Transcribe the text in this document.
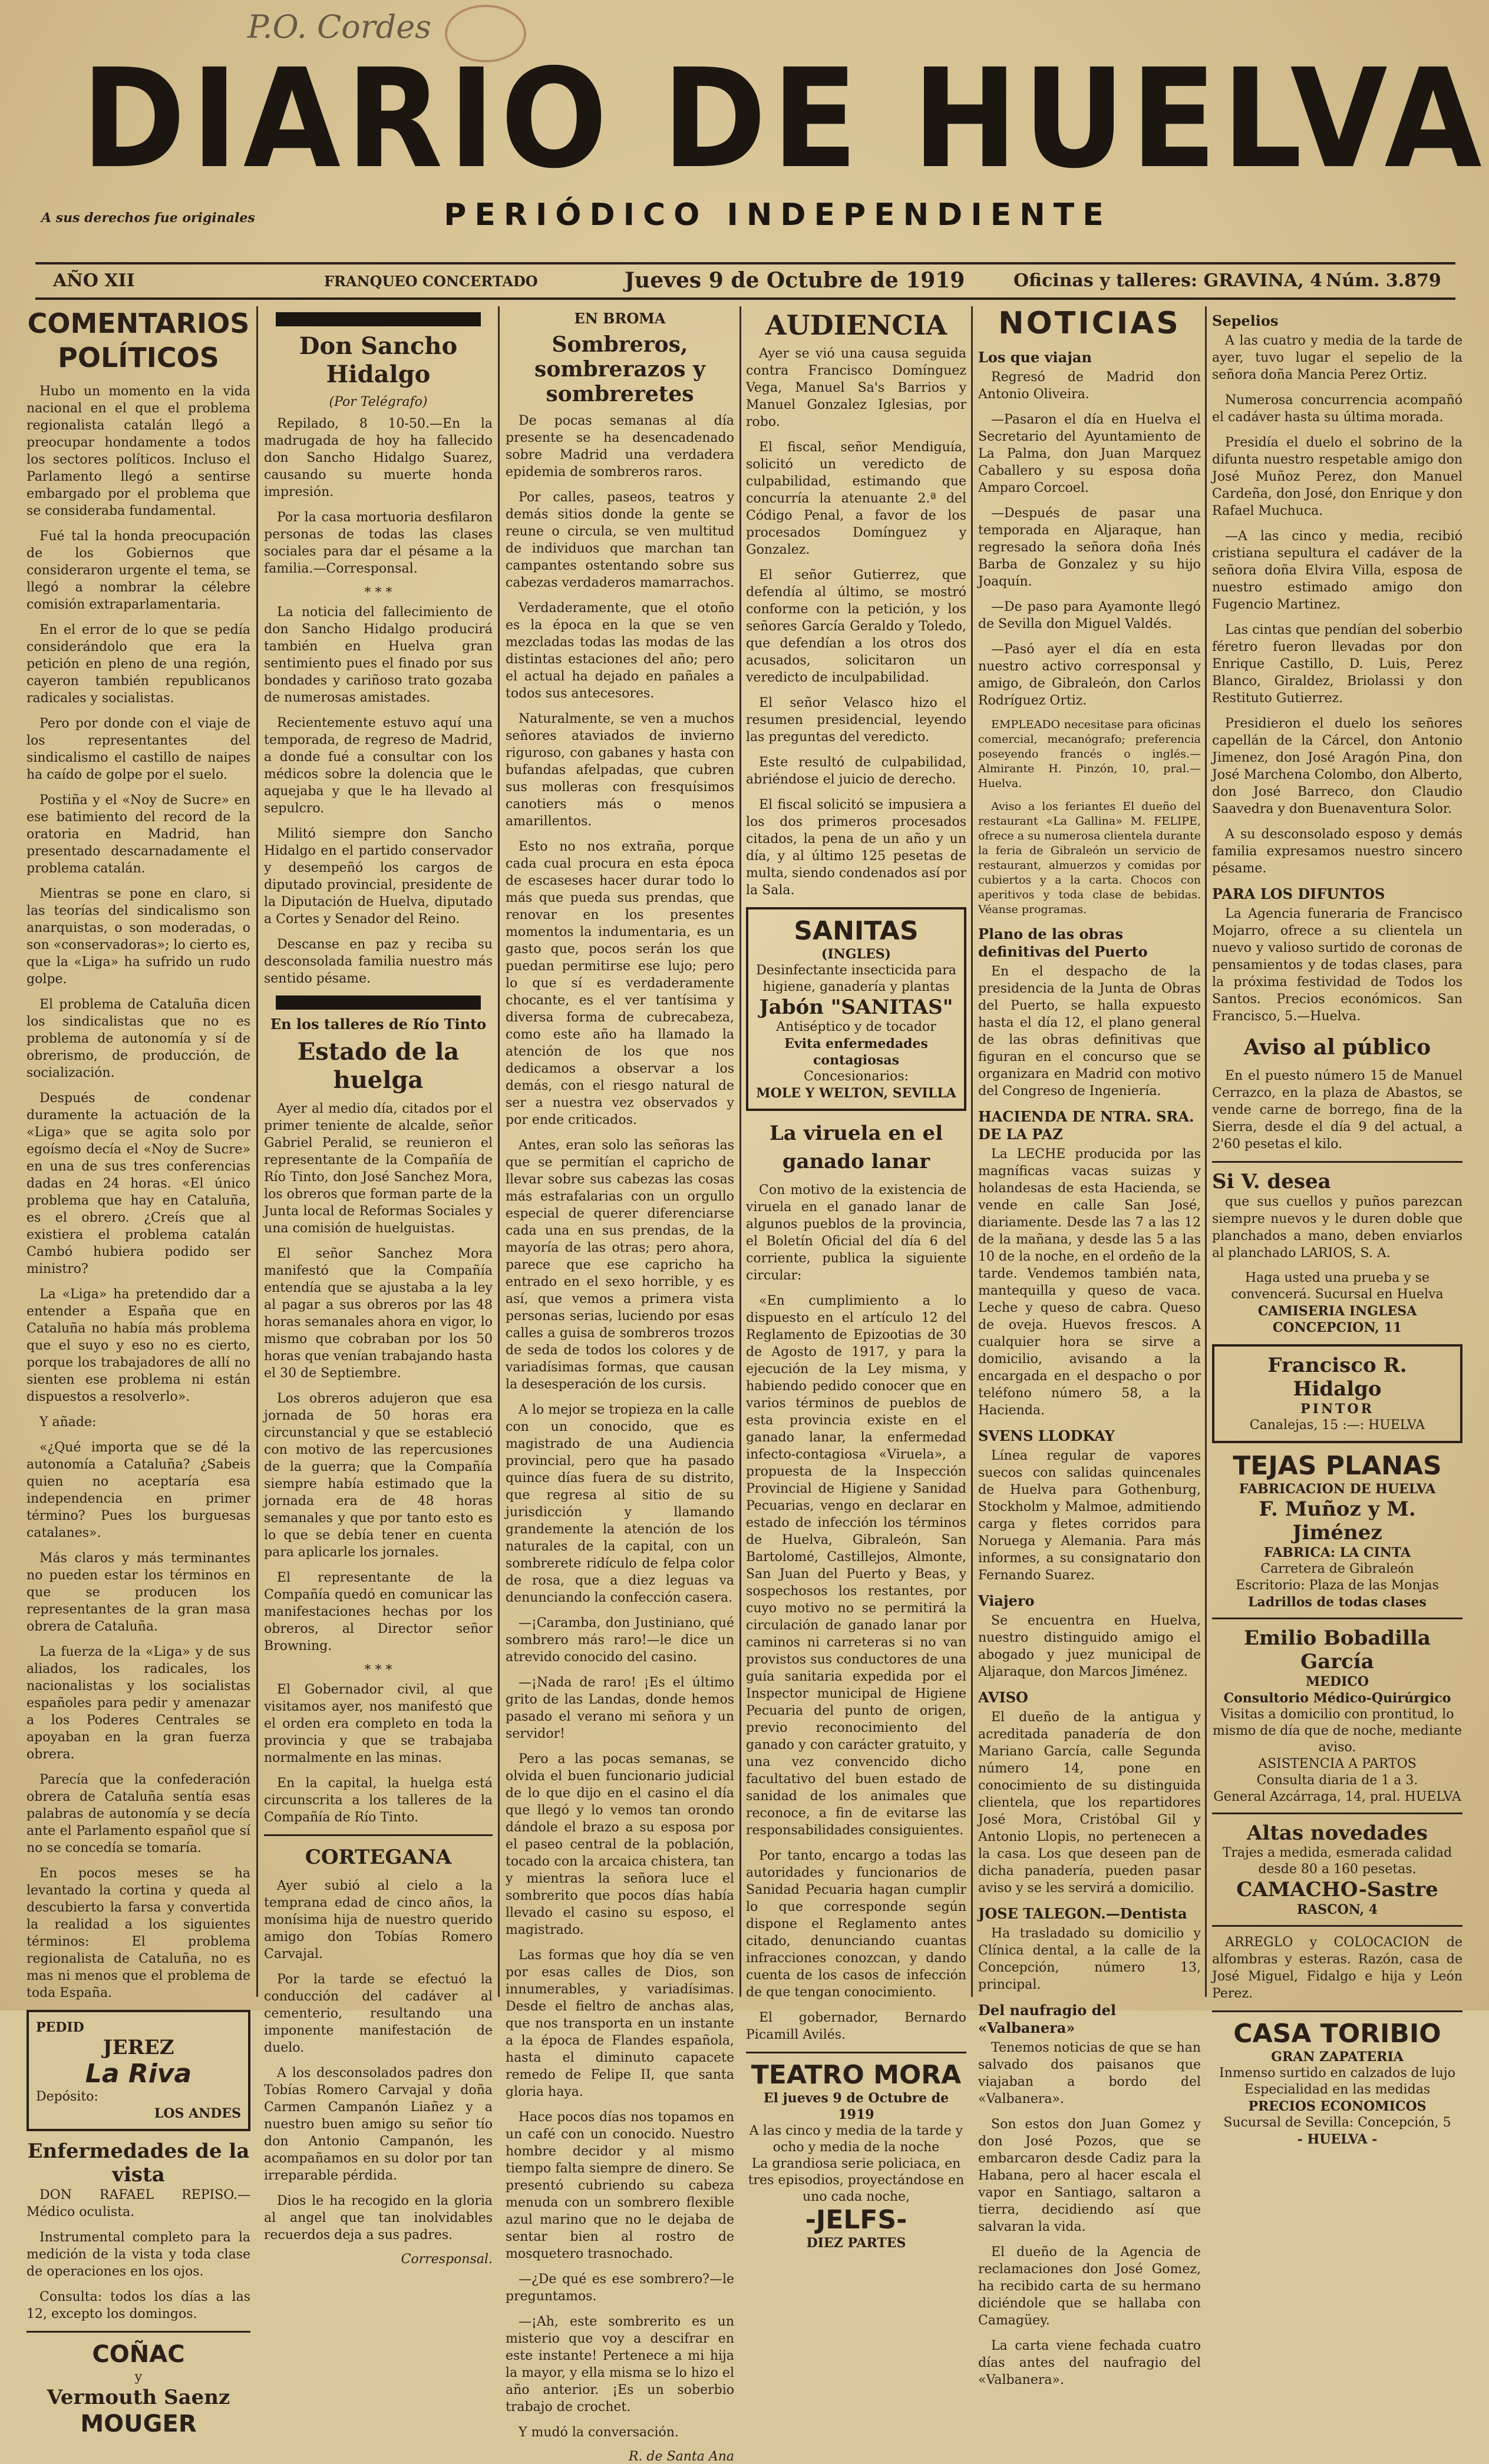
P.O. Cordes
DIARIO DE HUELVA
A sus derechos fue originales	PERIÓDICO INDEPENDIENTE
AÑO XII	FRANQUEO CONCERTADO	Jueves 9 de Octubre de 1919	Oficinas y talleres: GRAVINA, 4 Núm. 3.879
COMENTARIOS POLÍTICOS

Hubo un momento en la vida nacional en el que el problema regionalista catalán llegó a preocupar hondamente a todos los sectores políticos. Incluso el Parlamento llegó a sentirse embargado por el problema que se consideraba fundamental.

Fué tal la honda preocupación de los Gobiernos que consideraron urgente el tema, se llegó a nombrar la célebre comisión extraparlamentaria.

En el error de lo que se pedía considerándolo que era la petición en pleno de una región, cayeron también republicanos radicales y socialistas.

Pero por donde con el viaje de los representantes del sindicalismo el castillo de naipes ha caído de golpe por el suelo.

Postiña y el «Noy de Sucre» en ese batimiento del record de la oratoria en Madrid, han presentado descarnadamente el problema catalán.

Mientras se pone en claro, si las teorías del sindicalismo son anarquistas, o son moderadas, o son «conservadoras»; lo cierto es, que la «Liga» ha sufrido un rudo golpe.

El problema de Cataluña dicen los sindicalistas que no es problema de autonomía y sí de obrerismo, de producción, de socialización.

Después de condenar duramente la actuación de la «Liga» que se agita solo por egoísmo decía el «Noy de Sucre» en una de sus tres conferencias dadas en 24 horas. «El único problema que hay en Cataluña, es el obrero. ¿Creís que al existiera el problema catalán Cambó hubiera podido ser ministro?

La «Liga» ha pretendido dar a entender a España que en Cataluña no había más problema que el suyo y eso no es cierto, porque los trabajadores de allí no sienten ese problema ni están dispuestos a resolverlo».

Y añade:

«¿Qué importa que se dé la autonomía a Cataluña? ¿Sabeis quien no aceptaría esa independencia en primer término? Pues los burguesas catalanes».

Más claros y más terminantes no pueden estar los términos en que se producen los representantes de la gran masa obrera de Cataluña.

La fuerza de la «Liga» y de sus aliados, los radicales, los nacionalistas y los socialistas españoles para pedir y amenazar a los Poderes Centrales se apoyaban en la gran fuerza obrera.

Parecía que la confederación obrera de Cataluña sentía esas palabras de autonomía y se decía ante el Parlamento español que sí no se concedía se tomaría.

En pocos meses se ha levantado la cortina y queda al descubierto la farsa y convertida la realidad a los siguientes términos: El problema regionalista de Cataluña, no es mas ni menos que el problema de toda España.

PEDID
JEREZ
La Riva
Depósito:
LOS ANDES
Enfermedades de la vista

DON RAFAEL REPISO.—Médico oculista.

Instrumental completo para la medición de la vista y toda clase de operaciones en los ojos.

Consulta: todos los días a las 12, excepto los domingos.

COÑAC
y
Vermouth Saenz
MOUGER
Don Sancho Hidalgo
(Por Telégrafo)

Repilado, 8 10-50.—En la madrugada de hoy ha fallecido don Sancho Hidalgo Suarez, causando su muerte honda impresión.

Por la casa mortuoria desfilaron personas de todas las clases sociales para dar el pésame a la familia.—Corresponsal.

* * *

La noticia del fallecimiento de don Sancho Hidalgo producirá también en Huelva gran sentimiento pues el finado por sus bondades y cariñoso trato gozaba de numerosas amistades.

Recientemente estuvo aquí una temporada, de regreso de Madrid, a donde fué a consultar con los médicos sobre la dolencia que le aquejaba y que le ha llevado al sepulcro.

Militó siempre don Sancho Hidalgo en el partido conservador y desempeñó los cargos de diputado provincial, presidente de la Diputación de Huelva, diputado a Cortes y Senador del Reino.

Descanse en paz y reciba su desconsolada familia nuestro más sentido pésame.

En los talleres de Río Tinto
Estado de la huelga

Ayer al medio día, citados por el primer teniente de alcalde, señor Gabriel Peralid, se reunieron el representante de la Compañía de Río Tinto, don José Sanchez Mora, los obreros que forman parte de la Junta local de Reformas Sociales y una comisión de huelguistas.

El señor Sanchez Mora manifestó que la Compañía entendía que se ajustaba a la ley al pagar a sus obreros por las 48 horas semanales ahora en vigor, lo mismo que cobraban por los 50 horas que venían trabajando hasta el 30 de Septiembre.

Los obreros adujeron que esa jornada de 50 horas era circunstancial y que se estableció con motivo de las repercusiones de la guerra; que la Compañía siempre había estimado que la jornada era de 48 horas semanales y que por tanto esto es lo que se debía tener en cuenta para aplicarle los jornales.

El representante de la Compañía quedó en comunicar las manifestaciones hechas por los obreros, al Director señor Browning.

* * *

El Gobernador civil, al que visitamos ayer, nos manifestó que el orden era completo en toda la provincia y que se trabajaba normalmente en las minas.

En la capital, la huelga está circunscrita a los talleres de la Compañía de Río Tinto.

CORTEGANA

Ayer subió al cielo a la temprana edad de cinco años, la monísima hija de nuestro querido amigo don Tobías Romero Carvajal.

Por la tarde se efectuó la conducción del cadáver al cementerio, resultando una imponente manifestación de duelo.

A los desconsolados padres don Tobías Romero Carvajal y doña Carmen Campanón Liañez y a nuestro buen amigo su señor tío don Antonio Campanón, les acompañamos en su dolor por tan irreparable pérdida.

Dios le ha recogido en la gloria al angel que tan inolvidables recuerdos deja a sus padres.

Corresponsal.
EN BROMA
Sombreros, sombrerazos y sombreretes

De pocas semanas al día presente se ha desencadenado sobre Madrid una verdadera epidemia de sombreros raros.

Por calles, paseos, teatros y demás sitios donde la gente se reune o circula, se ven multitud de individuos que marchan tan campantes ostentando sobre sus cabezas verdaderos mamarrachos.

Verdaderamente, que el otoño es la época en la que se ven mezcladas todas las modas de las distintas estaciones del año; pero el actual ha dejado en pañales a todos sus antecesores.

Naturalmente, se ven a muchos señores ataviados de invierno riguroso, con gabanes y hasta con bufandas afelpadas, que cubren sus molleras con fresquísimos canotiers más o menos amarillentos.

Esto no nos extraña, porque cada cual procura en esta época de escaseses hacer durar todo lo más que pueda sus prendas, que renovar en los presentes momentos la indumentaria, es un gasto que, pocos serán los que puedan permitirse ese lujo; pero lo que sí es verdaderamente chocante, es el ver tantísima y diversa forma de cubrecabeza, como este año ha llamado la atención de los que nos dedicamos a observar a los demás, con el riesgo natural de ser a nuestra vez observados y por ende criticados.

Antes, eran solo las señoras las que se permitían el capricho de llevar sobre sus cabezas las cosas más estrafalarias con un orgullo especial de querer diferenciarse cada una en sus prendas, de la mayoría de las otras; pero ahora, parece que ese capricho ha entrado en el sexo horrible, y es así, que vemos a primera vista personas serias, luciendo por esas calles a guisa de sombreros trozos de seda de todos los colores y de variadísimas formas, que causan la desesperación de los cursis.

A lo mejor se tropieza en la calle con un conocido, que es magistrado de una Audiencia provincial, pero que ha pasado quince días fuera de su distrito, que regresa al sitio de su jurisdicción y llamando grandemente la atención de los naturales de la capital, con un sombrerete ridículo de felpa color de rosa, que a diez leguas va denunciando la confección casera.

—¡Caramba, don Justiniano, qué sombrero más raro!—le dice un atrevido conocido del casino.

—¡Nada de raro! ¡Es el último grito de las Landas, donde hemos pasado el verano mi señora y un servidor!

Pero a las pocas semanas, se olvida el buen funcionario judicial de lo que dijo en el casino el día que llegó y lo vemos tan orondo dándole el brazo a su esposa por el paseo central de la población, tocado con la arcaica chistera, tan y mientras la señora luce el sombrerito que pocos días había llevado el casino su esposo, el magistrado.

Las formas que hoy día se ven por esas calles de Dios, son innumerables, y variadísimas. Desde el fieltro de anchas alas, que nos transporta en un instante a la época de Flandes española, hasta el diminuto capacete remedo de Felipe II, que santa gloria haya.

Hace pocos días nos topamos en un café con un conocido. Nuestro hombre decidor y al mismo tiempo falta siempre de dinero. Se presentó cubriendo su cabeza menuda con un sombrero flexible azul marino que no le dejaba de sentar bien al rostro de mosquetero trasnochado.

—¿De qué es ese sombrero?—le preguntamos.

—¡Ah, este sombrerito es un misterio que voy a descifrar en este instante! Pertenece a mi hija la mayor, y ella misma se lo hizo el año anterior. ¡Es un soberbio trabajo de crochet.

Y mudó la conversación.

R. de Santa Ana
AUDIENCIA

Ayer se vió una causa seguida contra Francisco Domínguez Vega, Manuel Sa's Barrios y Manuel Gonzalez Iglesias, por robo.

El fiscal, señor Mendiguía, solicitó un veredicto de culpabilidad, estimando que concurría la atenuante 2.ª del Código Penal, a favor de los procesados Domínguez y Gonzalez.

El señor Gutierrez, que defendía al último, se mostró conforme con la petición, y los señores García Geraldo y Toledo, que defendían a los otros dos acusados, solicitaron un veredicto de inculpabilidad.

El señor Velasco hizo el resumen presidencial, leyendo las preguntas del veredicto.

Este resultó de culpabilidad, abriéndose el juicio de derecho.

El fiscal solicitó se impusiera a los dos primeros procesados citados, la pena de un año y un día, y al último 125 pesetas de multa, siendo condenados así por la Sala.

SANITAS
(INGLES)
Desinfectante insecticida para higiene, ganadería y plantas
Jabón "SANITAS"
Antiséptico y de tocador
Evita enfermedades contagiosas
Concesionarios:
MOLE Y WELTON, SEVILLA
La viruela en el ganado lanar

Con motivo de la existencia de viruela en el ganado lanar de algunos pueblos de la provincia, el Boletín Oficial del día 6 del corriente, publica la siguiente circular:

«En cumplimiento a lo dispuesto en el artículo 12 del Reglamento de Epizootias de 30 de Agosto de 1917, y para la ejecución de la Ley misma, y habiendo pedido conocer que en varios términos de pueblos de esta provincia existe en el ganado lanar, la enfermedad infecto-contagiosa «Viruela», a propuesta de la Inspección Provincial de Higiene y Sanidad Pecuarias, vengo en declarar en estado de infección los términos de Huelva, Gibraleón, San Bartolomé, Castillejos, Almonte, San Juan del Puerto y Beas, y sospechosos los restantes, por cuyo motivo no se permitirá la circulación de ganado lanar por caminos ni carreteras si no van provistos sus conductores de una guía sanitaria expedida por el Inspector municipal de Higiene Pecuaria del punto de origen, previo reconocimiento del ganado y con carácter gratuito, y una vez convencido dicho facultativo del buen estado de sanidad de los animales que reconoce, a fin de evitarse las responsabilidades consiguientes.

Por tanto, encargo a todas las autoridades y funcionarios de Sanidad Pecuaria hagan cumplir lo que corresponde según dispone el Reglamento antes citado, denunciando cuantas infracciones conozcan, y dando cuenta de los casos de infección de que tengan conocimiento.

El gobernador, Bernardo Picamill Avilés.

TEATRO MORA
El jueves 9 de Octubre de 1919
A las cinco y media de la tarde y ocho y media de la noche
La grandiosa serie policiaca, en tres episodios, proyectándose en uno cada noche,
-JELFS-
DIEZ PARTES
NOTICIAS
Los que viajan

Regresó de Madrid don Antonio Oliveira.

—Pasaron el día en Huelva el Secretario del Ayuntamiento de La Palma, don Juan Marquez Caballero y su esposa doña Amparo Corcoel.

—Después de pasar una temporada en Aljaraque, han regresado la señora doña Inés Barba de Gonzalez y su hijo Joaquín.

—De paso para Ayamonte llegó de Sevilla don Miguel Valdés.

—Pasó ayer el día en esta nuestro activo corresponsal y amigo, de Gibraleón, don Carlos Rodríguez Ortiz.

EMPLEADO necesitase para oficinas comercial, mecanógrafo; preferencia poseyendo francés o inglés.—Almirante H. Pinzón, 10, pral.—Huelva.

Aviso a los feriantes El dueño del restaurant «La Gallina» M. FELIPE, ofrece a su numerosa clientela durante la feria de Gibraleón un servicio de restaurant, almuerzos y comidas por cubiertos y a la carta. Chocos con aperitivos y toda clase de bebidas. Véanse programas.

Plano de las obras definitivas del Puerto

En el despacho de la presidencia de la Junta de Obras del Puerto, se halla expuesto hasta el día 12, el plano general de las obras definitivas que figuran en el concurso que se organizara en Madrid con motivo del Congreso de Ingeniería.

HACIENDA DE NTRA. SRA. DE LA PAZ

La LECHE producida por las magníficas vacas suizas y holandesas de esta Hacienda, se vende en calle San José, diariamente. Desde las 7 a las 12 de la mañana, y desde las 5 a las 10 de la noche, en el ordeño de la tarde. Vendemos también nata, mantequilla y queso de vaca. Leche y queso de cabra. Queso de oveja. Huevos frescos. A cualquier hora se sirve a domicilio, avisando a la encargada en el despacho o por teléfono número 58, a la Hacienda.

SVENS LLODKAY

Línea regular de vapores suecos con salidas quincenales de Huelva para Gothenburg, Stockholm y Malmoe, admitiendo carga y fletes corridos para Noruega y Alemania. Para más informes, a su consignatario don Fernando Suarez.

Viajero

Se encuentra en Huelva, nuestro distinguido amigo el abogado y juez municipal de Aljaraque, don Marcos Jiménez.

AVISO

El dueño de la antigua y acreditada panadería de don Mariano García, calle Segunda número 14, pone en conocimiento de su distinguida clientela, que los repartidores José Mora, Cristóbal Gil y Antonio Llopis, no pertenecen a la casa. Los que deseen pan de dicha panadería, pueden pasar aviso y se les servirá a domicilio.

JOSE TALEGON.—Dentista

Ha trasladado su domicilio y Clínica dental, a la calle de la Concepción, número 13, principal.

Del naufragio del «Valbanera»

Tenemos noticias de que se han salvado dos paisanos que viajaban a bordo del «Valbanera».

Son estos don Juan Gomez y don José Pozos, que se embarcaron desde Cadiz para la Habana, pero al hacer escala el vapor en Santiago, saltaron a tierra, decidiendo así que salvaran la vida.

El dueño de la Agencia de reclamaciones don José Gomez, ha recibido carta de su hermano diciéndole que se hallaba con Camagüey.

La carta viene fechada cuatro días antes del naufragio del «Valbanera».

Sepelios

A las cuatro y media de la tarde de ayer, tuvo lugar el sepelio de la señora doña Mancia Perez Ortiz.

Numerosa concurrencia acompañó el cadáver hasta su última morada.

Presidía el duelo el sobrino de la difunta nuestro respetable amigo don José Muñoz Perez, don Manuel Cardeña, don José, don Enrique y don Rafael Muchuca.

—A las cinco y media, recibió cristiana sepultura el cadáver de la señora doña Elvira Villa, esposa de nuestro estimado amigo don Fugencio Martinez.

Las cintas que pendían del soberbio féretro fueron llevadas por don Enrique Castillo, D. Luis, Perez Blanco, Giraldez, Briolassi y don Restituto Gutierrez.

Presidieron el duelo los señores capellán de la Cárcel, don Antonio Jimenez, don José Aragón Pina, don José Marchena Colombo, don Alberto, don José Barreco, don Claudio Saavedra y don Buenaventura Solor.

A su desconsolado esposo y demás familia expresamos nuestro sincero pésame.

PARA LOS DIFUNTOS

La Agencia funeraria de Francisco Mojarro, ofrece a su clientela un nuevo y valioso surtido de coronas de pensamientos y de todas clases, para la próxima festividad de Todos los Santos. Precios económicos. San Francisco, 5.—Huelva.

Aviso al público

En el puesto número 15 de Manuel Cerrazco, en la plaza de Abastos, se vende carne de borrego, fina de la Sierra, desde el día 9 del actual, a 2'60 pesetas el kilo.

Si V. desea

que sus cuellos y puños parezcan siempre nuevos y le duren doble que planchados a mano, deben enviarlos al planchado LARIOS, S. A.

Haga usted una prueba y se convencerá. Sucursal en Huelva
CAMISERIA INGLESA
CONCEPCION, 11
Francisco R. Hidalgo
PINTOR
Canalejas, 15 :—: HUELVA
TEJAS PLANAS
FABRICACION DE HUELVA
F. Muñoz y M. Jiménez
FABRICA: LA CINTA
Carretera de Gibraleón
Escritorio: Plaza de las Monjas
Ladrillos de todas clases
Emilio Bobadilla García
MEDICO
Consultorio Médico-Quirúrgico
Visitas a domicilio con prontitud, lo mismo de día que de noche, mediante aviso.
ASISTENCIA A PARTOS
Consulta diaria de 1 a 3.
General Azcárraga, 14, pral. HUELVA
Altas novedades
Trajes a medida, esmerada calidad desde 80 a 160 pesetas.
CAMACHO-Sastre
RASCON, 4

ARREGLO y COLOCACION de alfombras y esteras. Razón, casa de José Miguel, Fidalgo e hija y León Perez.

CASA TORIBIO
GRAN ZAPATERIA
Inmenso surtido en calzados de lujo
Especialidad en las medidas
PRECIOS ECONOMICOS
Sucursal de Sevilla: Concepción, 5
- HUELVA -
